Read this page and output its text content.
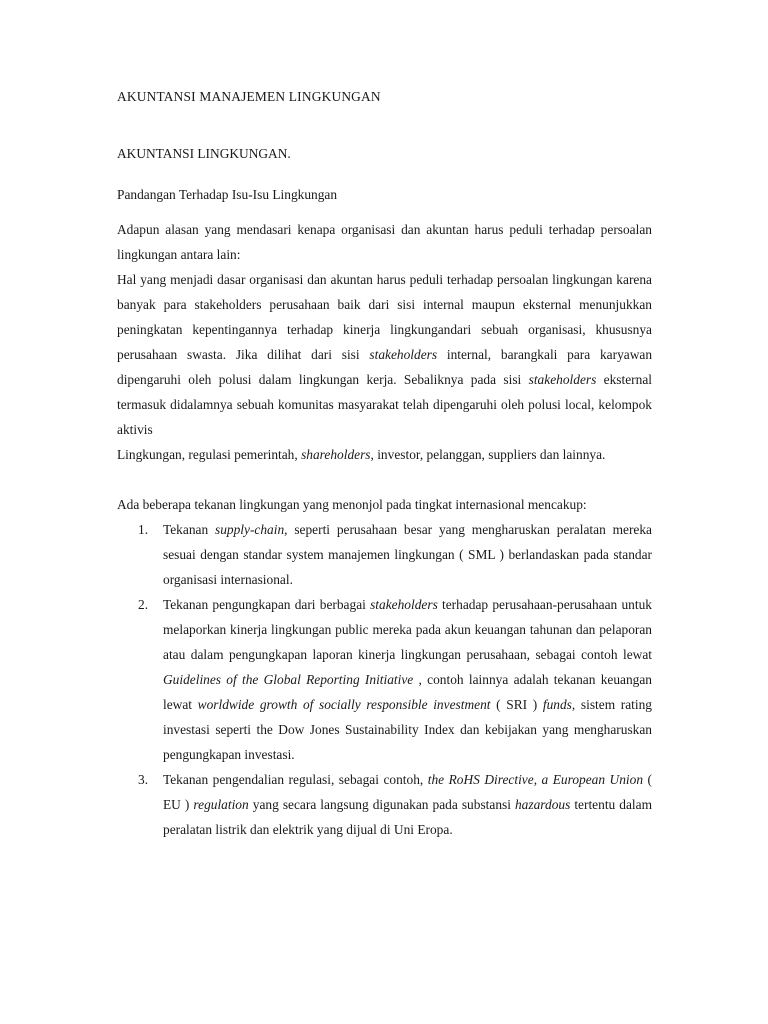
AKUNTANSI MANAJEMEN LINGKUNGAN

AKUNTANSI LINGKUNGAN.

Pandangan Terhadap Isu-Isu Lingkungan

Adapun alasan yang mendasari kenapa organisasi dan akuntan harus peduli terhadap persoalan lingkungan antara lain:

Hal yang menjadi dasar organisasi dan akuntan harus peduli terhadap persoalan lingkungan karena banyak para stakeholders perusahaan baik dari sisi internal maupun eksternal menunjukkan peningkatan kepentingannya terhadap kinerja lingkungandari sebuah organisasi, khususnya perusahaan swasta. Jika dilihat dari sisi stakeholders internal, barangkali para karyawan dipengaruhi oleh polusi dalam lingkungan kerja. Sebaliknya pada sisi stakeholders eksternal termasuk didalamnya sebuah komunitas masyarakat telah dipengaruhi oleh polusi local, kelompok aktivis

Lingkungan, regulasi pemerintah, shareholders, investor, pelanggan, suppliers dan lainnya.

Ada beberapa tekanan lingkungan yang menonjol pada tingkat internasional mencakup:

1. Tekanan supply-chain, seperti perusahaan besar yang mengharuskan peralatan mereka sesuai dengan standar system manajemen lingkungan ( SML ) berlandaskan pada standar organisasi internasional.
2. Tekanan pengungkapan dari berbagai stakeholders terhadap perusahaan-perusahaan untuk melaporkan kinerja lingkungan public mereka pada akun keuangan tahunan dan pelaporan atau dalam pengungkapan laporan kinerja lingkungan perusahaan, sebagai contoh lewat Guidelines of the Global Reporting Initiative , contoh lainnya adalah tekanan keuangan lewat worldwide growth of socially responsible investment ( SRI ) funds, sistem rating investasi seperti the Dow Jones Sustainability Index dan kebijakan yang mengharuskan pengungkapan investasi.
3. Tekanan pengendalian regulasi, sebagai contoh, the RoHS Directive, a European Union ( EU ) regulation yang secara langsung digunakan pada substansi hazardous tertentu dalam peralatan listrik dan elektrik yang dijual di Uni Eropa.
